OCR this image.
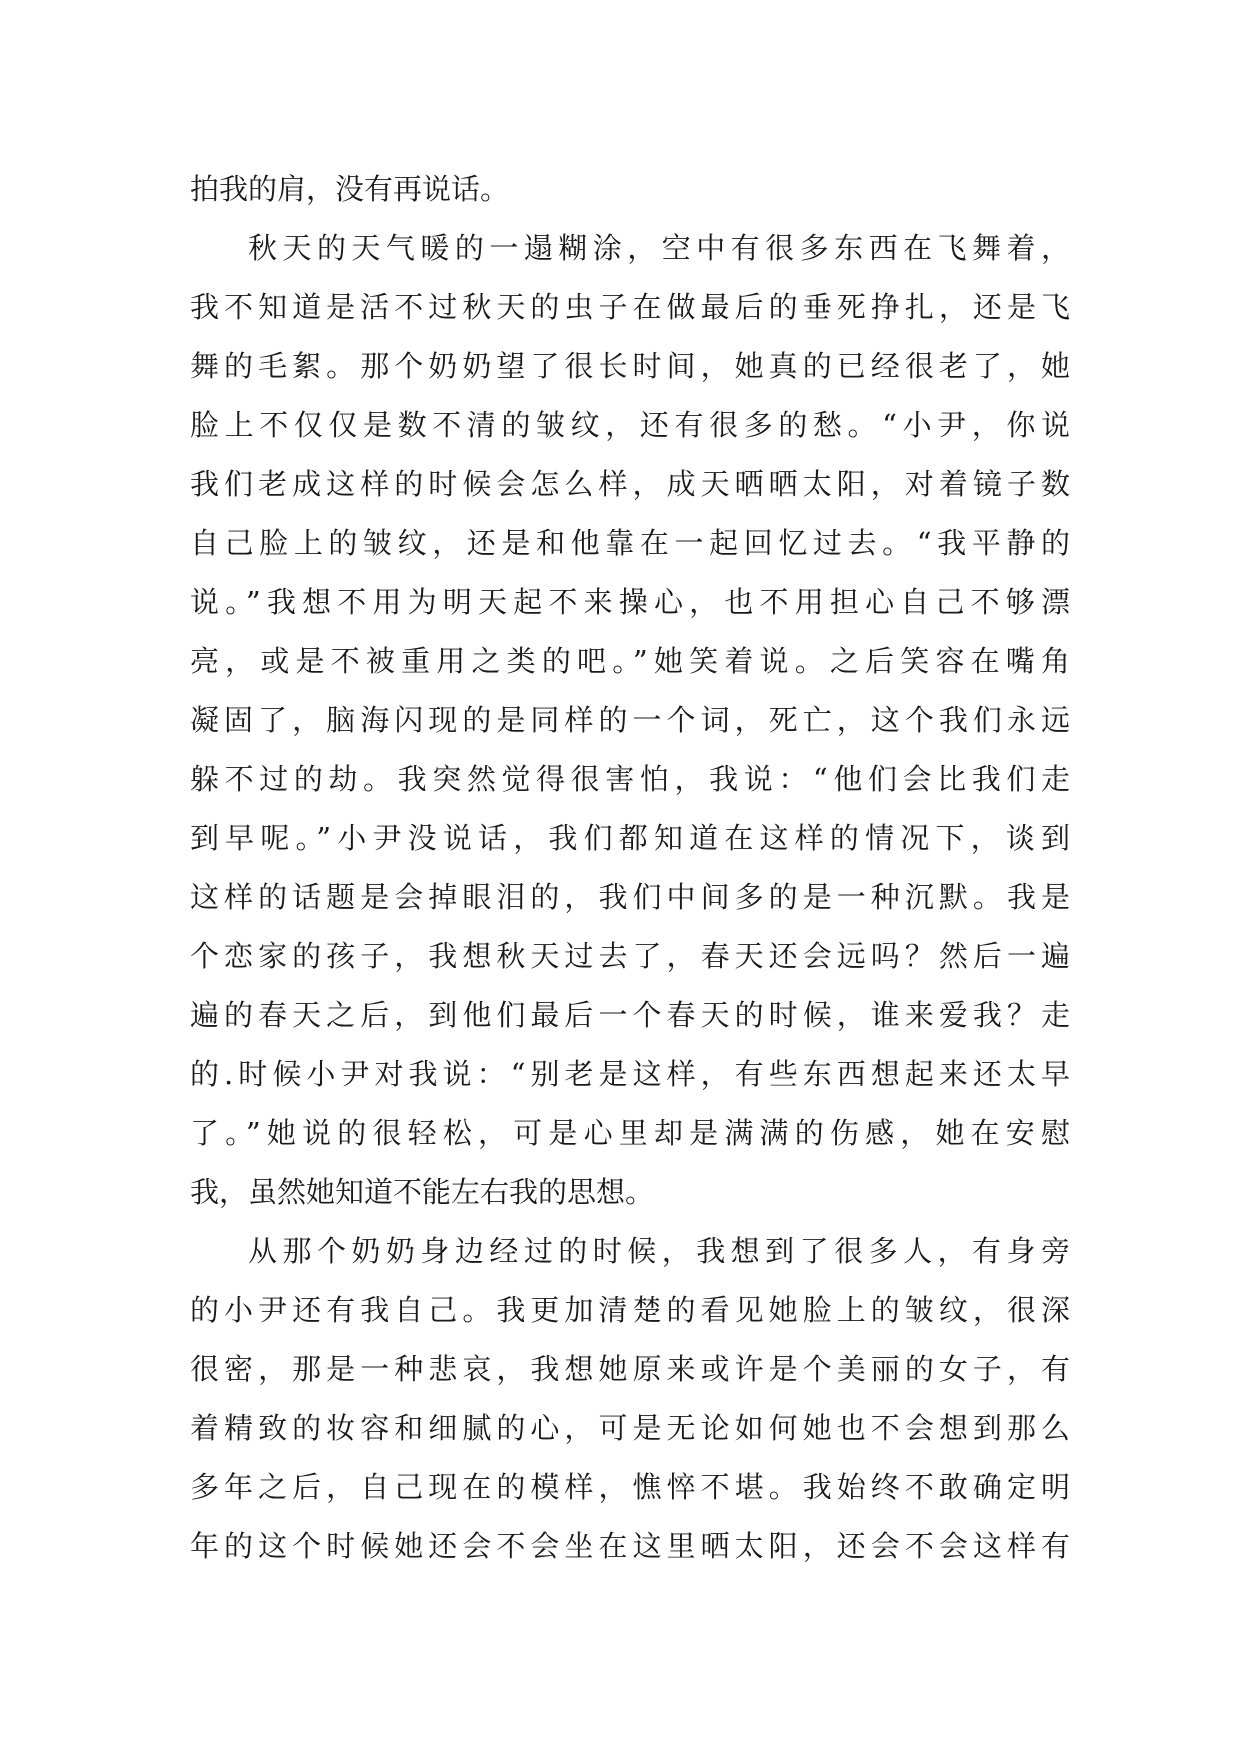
拍我的肩，没有再说话。
秋天的天气暖的一遢糊涂，空中有很多东西在飞舞着，
我不知道是活不过秋天的虫子在做最后的垂死挣扎，还是飞
舞的毛絮。那个奶奶望了很长时间，她真的已经很老了，她
脸上不仅仅是数不清的皱纹，还有很多的愁。“小尹，你说
我们老成这样的时候会怎么样，成天晒晒太阳，对着镜子数
自己脸上的皱纹，还是和他靠在一起回忆过去。“我平静的
说。”我想不用为明天起不来操心，也不用担心自己不够漂
亮，或是不被重用之类的吧。”她笑着说。之后笑容在嘴角
凝固了，脑海闪现的是同样的一个词，死亡，这个我们永远
躲不过的劫。我突然觉得很害怕，我说：“他们会比我们走
到早呢。”小尹没说话，我们都知道在这样的情况下，谈到
这样的话题是会掉眼泪的，我们中间多的是一种沉默。我是
个恋家的孩子，我想秋天过去了，春天还会远吗？然后一遍
遍的春天之后，到他们最后一个春天的时候，谁来爱我？走
的.时候小尹对我说：“别老是这样，有些东西想起来还太早
了。”她说的很轻松，可是心里却是满满的伤感，她在安慰
我，虽然她知道不能左右我的思想。
从那个奶奶身边经过的时候，我想到了很多人，有身旁
的小尹还有我自己。我更加清楚的看见她脸上的皱纹，很深
很密，那是一种悲哀，我想她原来或许是个美丽的女子，有
着精致的妆容和细腻的心，可是无论如何她也不会想到那么
多年之后，自己现在的模样，憔悴不堪。我始终不敢确定明
年的这个时候她还会不会坐在这里晒太阳，还会不会这样有
